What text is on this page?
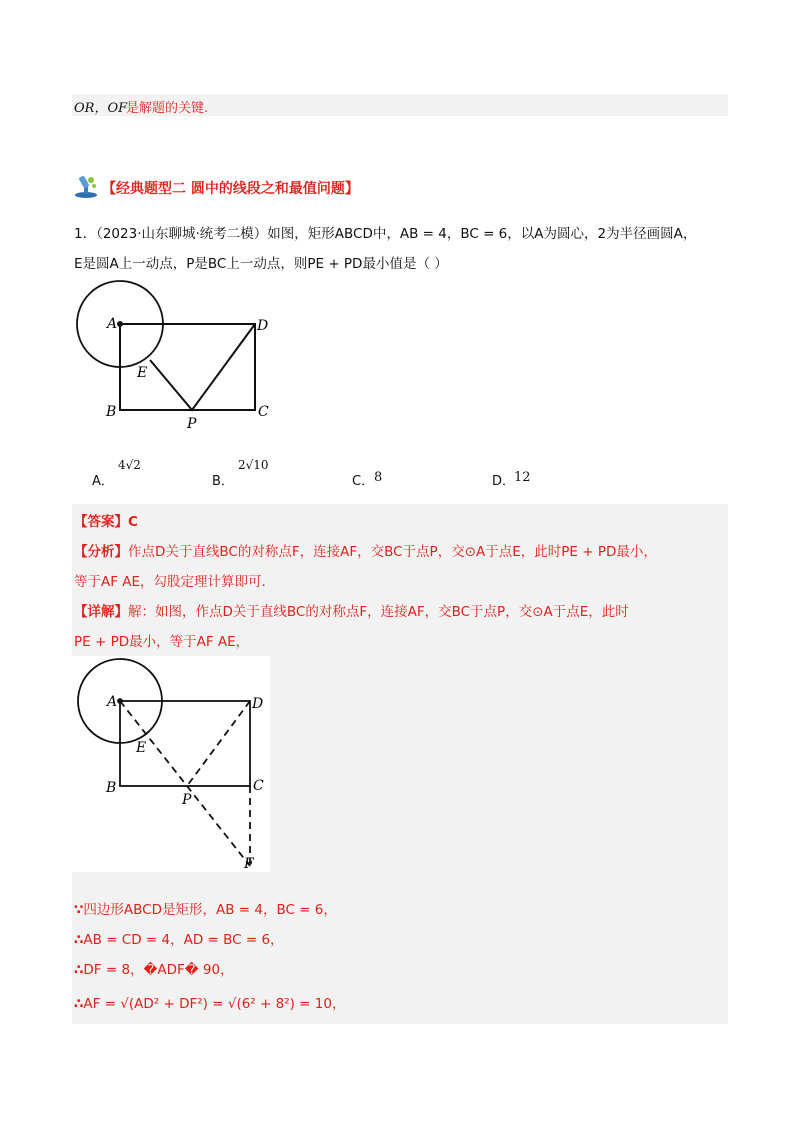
OR，OF
是解题的关键.
【经典题型二 圆中的线段之和最值问题】
1．（2023·山东聊城·统考二模）如图，矩形ABCD中，AB = 4，BC = 6，以A为圆心，2为半径画圆A，
E是圆A上一动点，P是BC上一动点，则PE + PD最小值是（ ）
A	D
E
B	C
P
A．
4√2
B．
2√10
C． 8	D．
12
【答案】C
【分析】作点D关于直线BC的对称点F，连接AF，交BC于点P，交⊙A于点E，此时PE + PD最小，
等于AF AE，勾股定理计算即可.
【详解】解：如图，作点D关于直线BC的对称点F，连接AF，交BC于点P，交⊙A于点E，此时
PE + PD最小，等于AF AE，
A	D
E
B	C
P
F
∵四边形ABCD是矩形，AB = 4，BC = 6，
∴AB = CD = 4，AD = BC = 6，
∴DF = 8，�ADF� 90，
∴AF = √(AD² + DF²) = √(6² + 8²) = 10，
